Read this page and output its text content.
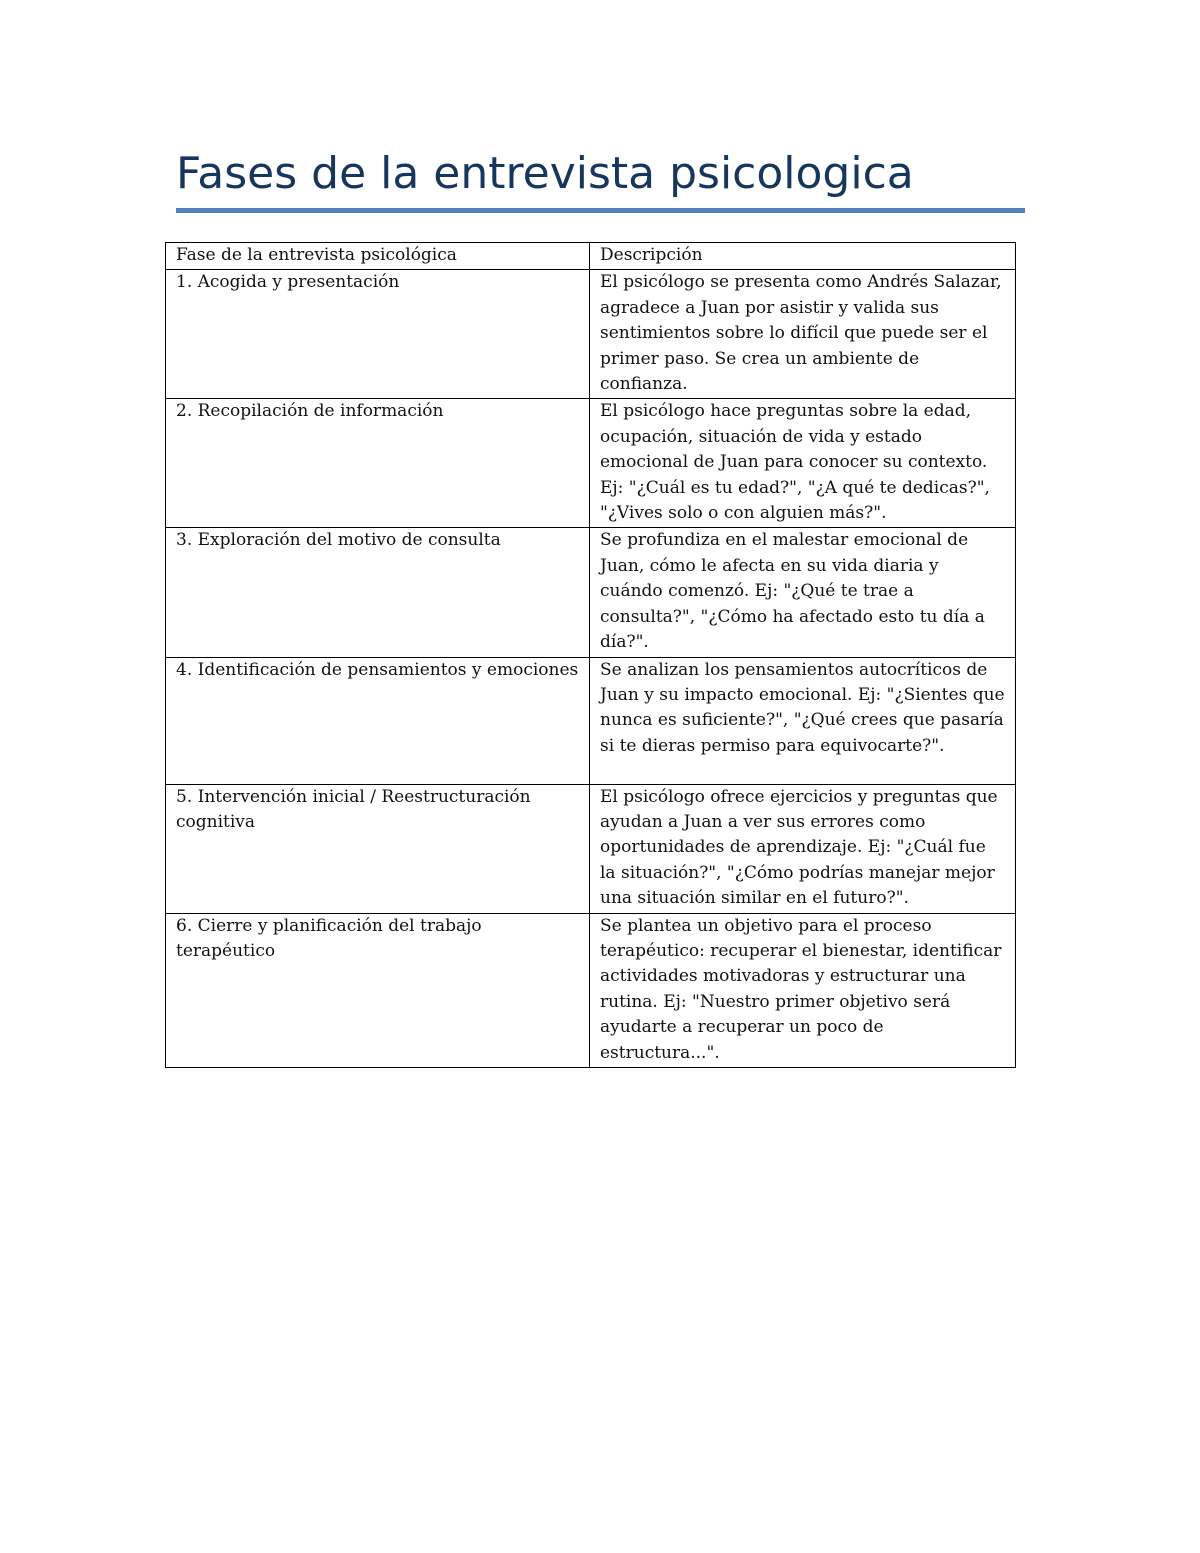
Fases de la entrevista psicologica
Fase de la entrevista psicológica	Descripción
1. Acogida y presentación	El psicólogo se presenta como Andrés Salazar, agradece a Juan por asistir y valida sus sentimientos sobre lo difícil que puede ser el primer paso. Se crea un ambiente de confianza.
2. Recopilación de información	El psicólogo hace preguntas sobre la edad, ocupación, situación de vida y estado emocional de Juan para conocer su contexto. Ej: "¿Cuál es tu edad?", "¿A qué te dedicas?", "¿Vives solo o con alguien más?".
3. Exploración del motivo de consulta	Se profundiza en el malestar emocional de Juan, cómo le afecta en su vida diaria y cuándo comenzó. Ej: "¿Qué te trae a consulta?", "¿Cómo ha afectado esto tu día a día?".
4. Identificación de pensamientos y emociones	Se analizan los pensamientos autocríticos de Juan y su impacto emocional. Ej: "¿Sientes que nunca es suficiente?", "¿Qué crees que pasaría si te dieras permiso para equivocarte?".
5. Intervención inicial / Reestructuración cognitiva	El psicólogo ofrece ejercicios y preguntas que ayudan a Juan a ver sus errores como oportunidades de aprendizaje. Ej: "¿Cuál fue la situación?", "¿Cómo podrías manejar mejor una situación similar en el futuro?".
6. Cierre y planificación del trabajo terapéutico	Se plantea un objetivo para el proceso terapéutico: recuperar el bienestar, identificar actividades motivadoras y estructurar una rutina. Ej: "Nuestro primer objetivo será ayudarte a recuperar un poco de estructura...".
